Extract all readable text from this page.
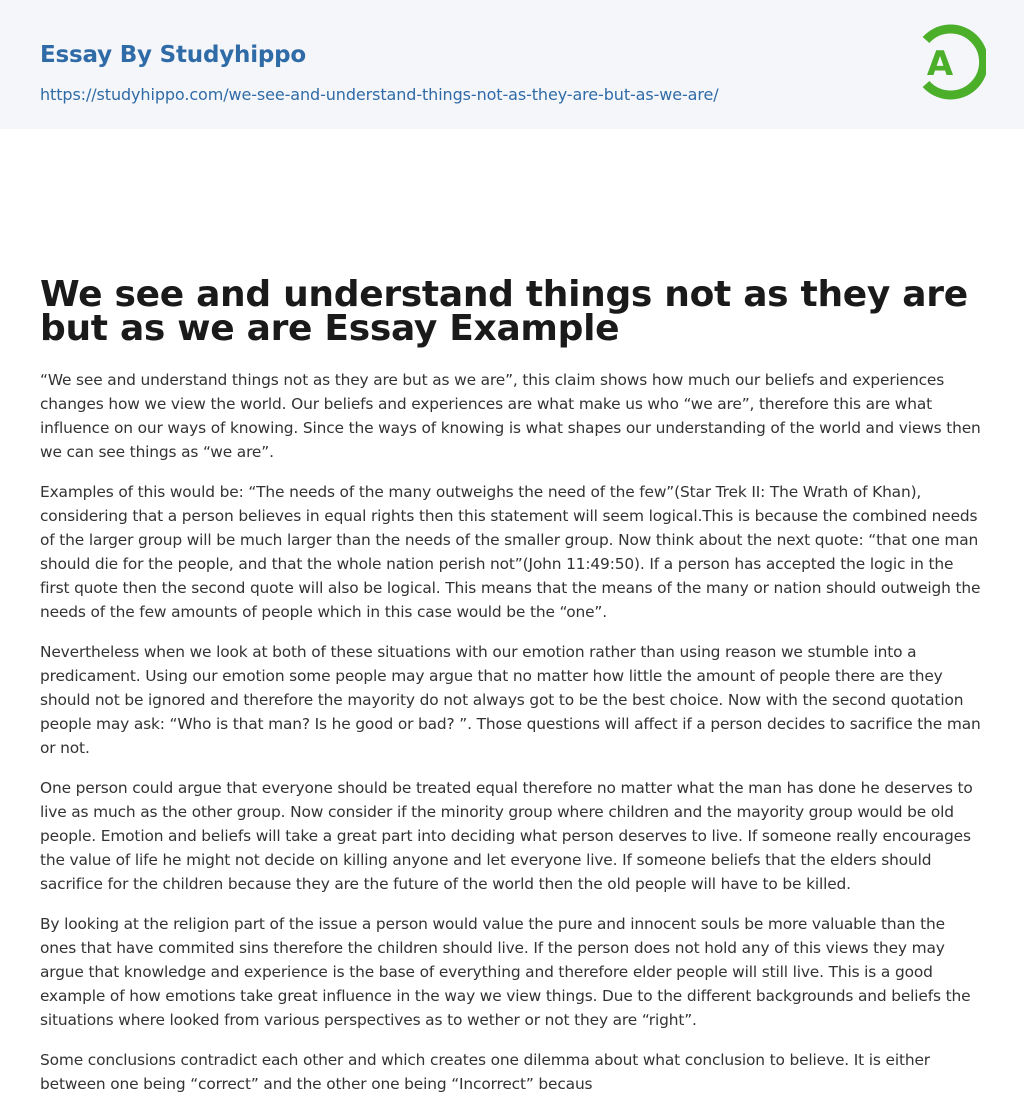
Essay By Studyhippo
https://studyhippo.com/we-see-and-understand-things-not-as-they-are-but-as-we-are/
A
We see and understand things not as they are but as we are Essay Example

“We see and understand things not as they are but as we are”, this claim shows how much our beliefs and experiences changes how we view the world. Our beliefs and experiences are what make us who “we are”, therefore this are what influence on our ways of knowing. Since the ways of knowing is what shapes our understanding of the world and views then we can see things as “we are”.

Examples of this would be: “The needs of the many outweighs the need of the few”(Star Trek II: The Wrath of Khan), considering that a person believes in equal rights then this statement will seem logical.This is because the combined needs of the larger group will be much larger than the needs of the smaller group. Now think about the next quote: “that one man should die for the people, and that the whole nation perish not”(John 11:49:50). If a person has accepted the logic in the first quote then the second quote will also be logical. This means that the means of the many or nation should outweigh the needs of the few amounts of people which in this case would be the “one”.

Nevertheless when we look at both of these situations with our emotion rather than using reason we stumble into a predicament. Using our emotion some people may argue that no matter how little the amount of people there are they should not be ignored and therefore the mayority do not always got to be the best choice. Now with the second quotation people may ask: “Who is that man? Is he good or bad? ”. Those questions will affect if a person decides to sacrifice the man or not.

One person could argue that everyone should be treated equal therefore no matter what the man has done he deserves to live as much as the other group. Now consider if the minority group where children and the mayority group would be old people. Emotion and beliefs will take a great part into deciding what person deserves to live. If someone really encourages the value of life he might not decide on killing anyone and let everyone live. If someone beliefs that the elders should sacrifice for the children because they are the future of the world then the old people will have to be killed.

By looking at the religion part of the issue a person would value the pure and innocent souls be more valuable than the ones that have commited sins therefore the children should live. If the person does not hold any of this views they may argue that knowledge and experience is the base of everything and therefore elder people will still live. This is a good example of how emotions take great influence in the way we view things. Due to the different backgrounds and beliefs the situations where looked from various perspectives as to wether or not they are “right”.

Some conclusions contradict each other and which creates one dilemma about what conclusion to believe. It is either between one being “correct” and the other one being “Incorrect” becaus
